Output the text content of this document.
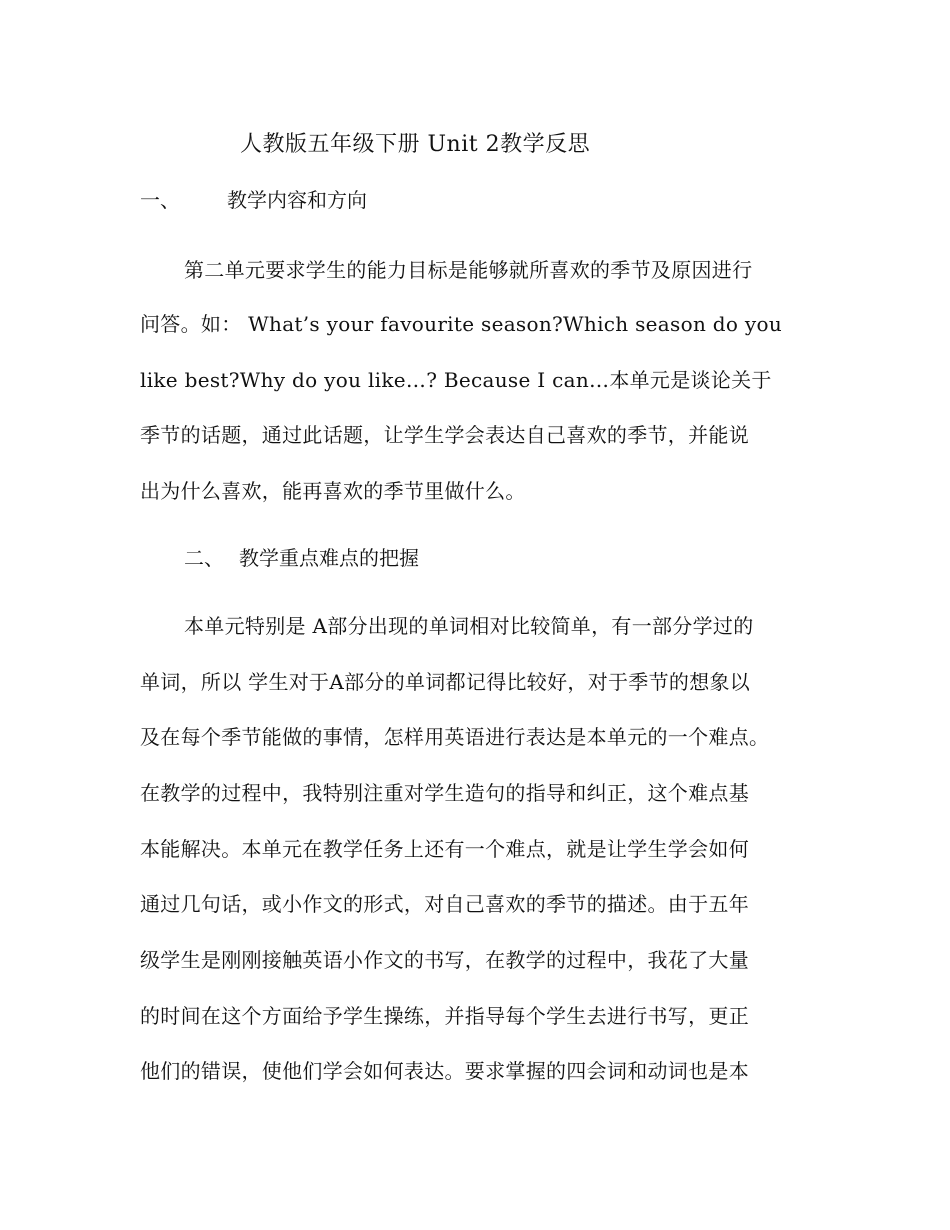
人教版五年级下册 Unit 2教学反思
一、 教学内容和方向
第二单元要求学生的能力目标是能够就所喜欢的季节及原因进行
问答。如： What’s your favourite season?Which season do you
like best?Why do you like…? Because I can…本单元是谈论关于
季节的话题，通过此话题，让学生学会表达自己喜欢的季节，并能说
出为什么喜欢，能再喜欢的季节里做什么。
二、 教学重点难点的把握
本单元特别是 A部分出现的单词相对比较简单，有一部分学过的
单词，所以 学生对于A部分的单词都记得比较好，对于季节的想象以
及在每个季节能做的事情，怎样用英语进行表达是本单元的一个难点。
在教学的过程中，我特别注重对学生造句的指导和纠正，这个难点基
本能解决。本单元在教学任务上还有一个难点，就是让学生学会如何
通过几句话，或小作文的形式，对自己喜欢的季节的描述。由于五年
级学生是刚刚接触英语小作文的书写，在教学的过程中，我花了大量
的时间在这个方面给予学生操练，并指导每个学生去进行书写，更正
他们的错误，使他们学会如何表达。要求掌握的四会词和动词也是本
